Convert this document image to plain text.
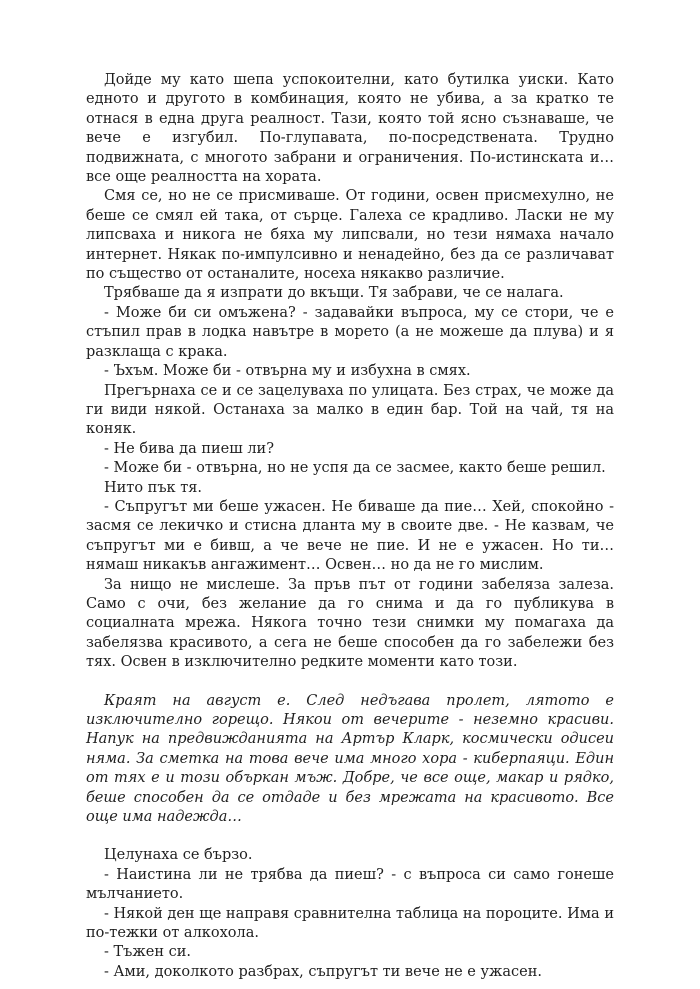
Дойде му като шепа успокоителни, като бутилка уиски. Като едното и другото в комбинация, която не убива, а за кратко те отнася в една друга реалност. Тази, която той ясно съзнаваше, че вече е изгубил. По-глупавата, по-посредствената. Трудно подвижната, с многото забрани и ограничения. По-истинската и… все още реалността на хората.

Смя се, но не се присмиваше. От години, освен присмехулно, не беше се смял ей така, от сърце. Галеха се крадливо. Ласки не му липсваха и никога не бяха му липсвали, но тези нямаха начало интернет. Някак по-импулсивно и ненадейно, без да се различават по същество от останалите, носеха някакво различие.

Трябваше да я изпрати до вкъщи. Тя забрави, че се налага.

- Може би си омъжена? - задавайки въпроса, му се стори, че е стъпил прав в лодка навътре в морето (а не можеше да плува) и я разклаща с крака.

- Ъхъм. Може би - отвърна му и избухна в смях.

Прегърнаха се и се зацелуваха по улицата. Без страх, че може да ги види някой. Останаха за малко в един бар. Той на чай, тя на коняк.

- Не бива да пиеш ли?

- Може би - отвърна, но не успя да се засмее, както беше решил.

Нито пък тя.

- Съпругът ми беше ужасен. Не биваше да пие… Хей, спокойно - засмя се лекичко и стисна дланта му в своите две. - Не казвам, че съпругът ми е бивш, а че вече не пие. И не е ужасен. Но ти… нямаш никакъв ангажимент… Освен… но да не го мислим.

За нищо не мислеше. За пръв път от години забеляза залеза. Само с очи, без желание да го снима и да го публикува в социалната мрежа. Някога точно тези снимки му помагаха да забелязва красивото, а сега не беше способен да го забележи без тях. Освен в изключително редките моменти като този.

Краят на август е. След недъгава пролет, лятото е изключително горещо. Някои от вечерите - неземно красиви. Напук на предвижданията на Артър Кларк, космически одисеи няма. За сметка на това вече има много хора - киберпаяци. Един от тях е и този объркан мъж. Добре, че все още, макар и рядко, беше способен да се отдаде и без мрежата на красивото. Все още има надежда…

Целунаха се бързо.

- Наистина ли не трябва да пиеш? - с въпроса си само гонеше мълчанието.

- Някой ден ще направя сравнителна таблица на пороците. Има и по-тежки от алкохола.

- Тъжен си.

- Ами, доколкото разбрах, съпругът ти вече не е ужасен.
